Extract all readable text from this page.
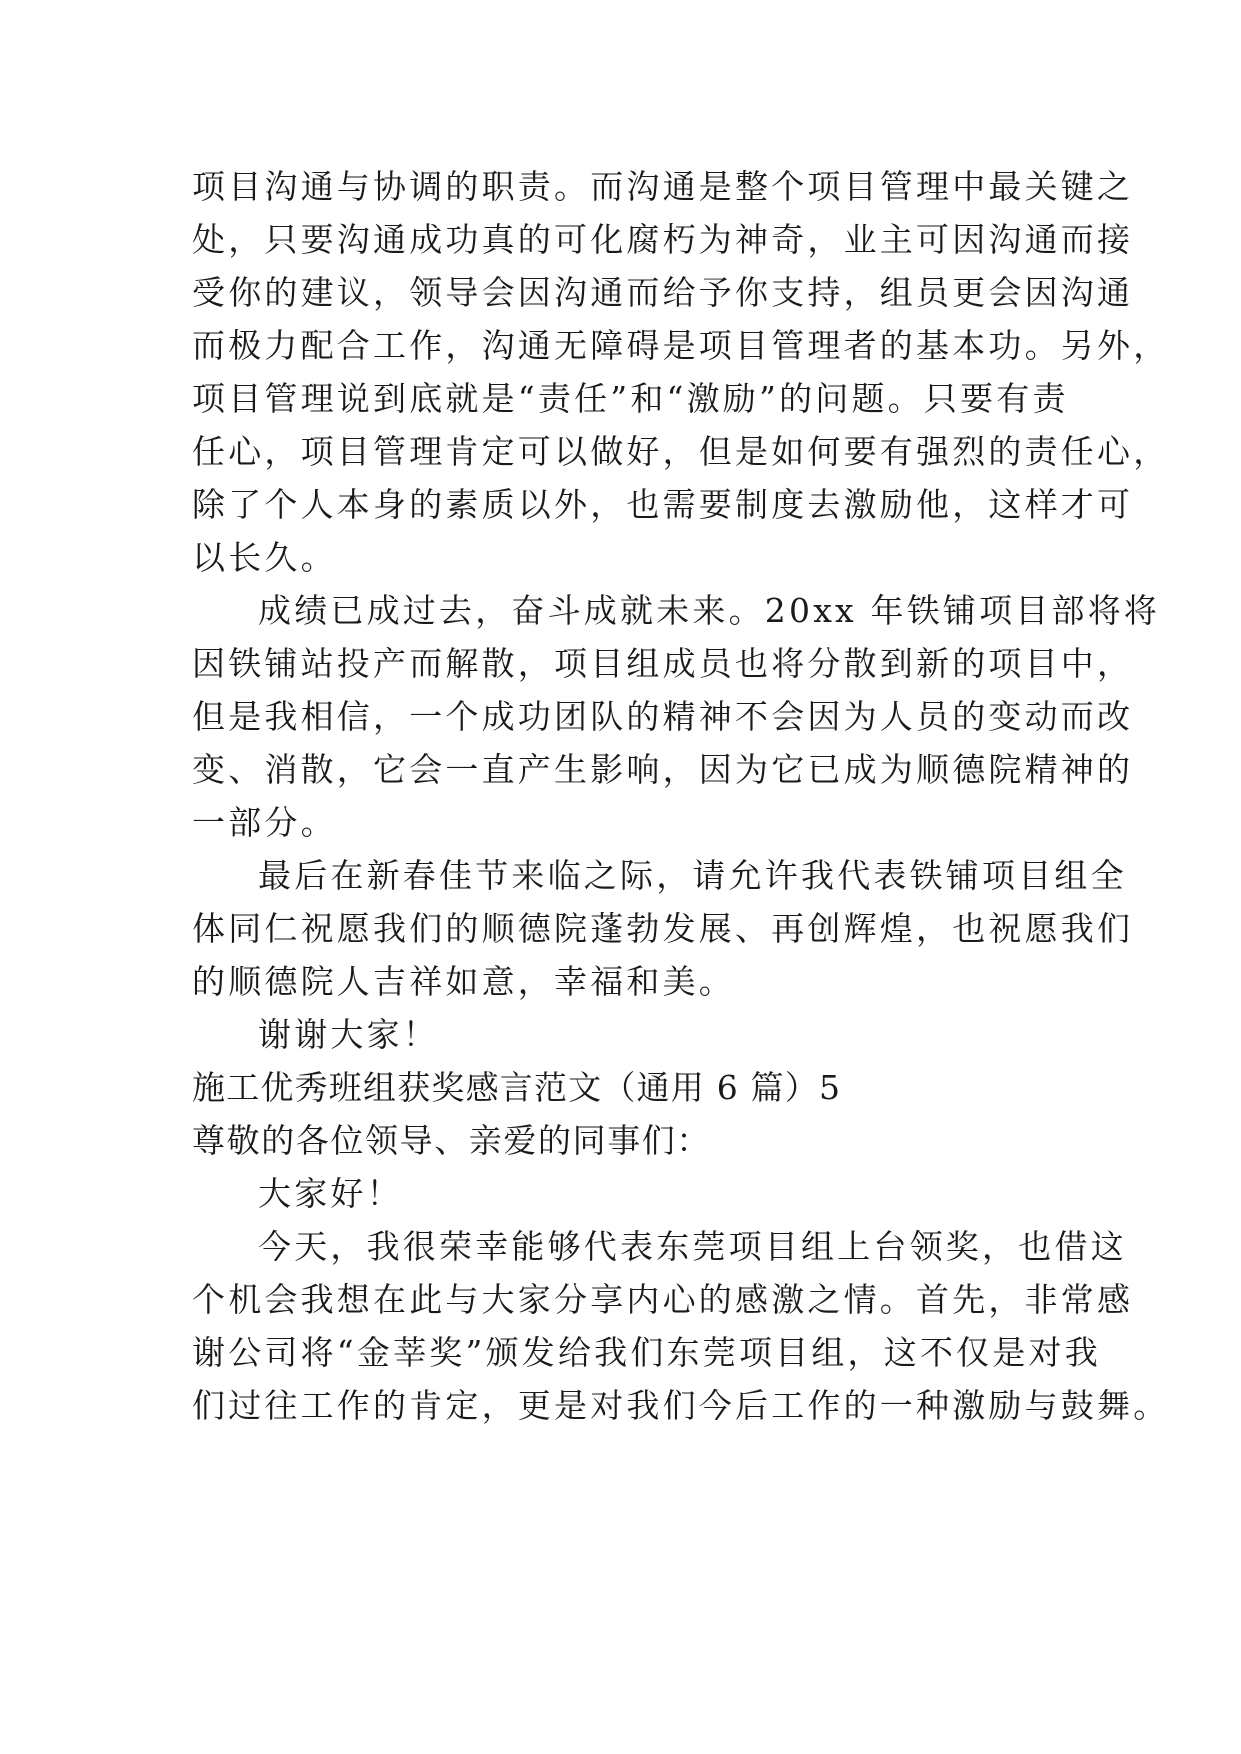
项目沟通与协调的职责。而沟通是整个项目管理中最关键之
处，只要沟通成功真的可化腐朽为神奇，业主可因沟通而接
受你的建议，领导会因沟通而给予你支持，组员更会因沟通
而极力配合工作，沟通无障碍是项目管理者的基本功。另外，
项目管理说到底就是“责任”和“激励”的问题。只要有责
任心，项目管理肯定可以做好，但是如何要有强烈的责任心，
除了个人本身的素质以外，也需要制度去激励他，这样才可
以长久。
成绩已成过去，奋斗成就未来。20xx 年铁铺项目部将将
因铁铺站投产而解散，项目组成员也将分散到新的项目中，
但是我相信，一个成功团队的精神不会因为人员的变动而改
变、消散，它会一直产生影响，因为它已成为顺德院精神的
一部分。
最后在新春佳节来临之际，请允许我代表铁铺项目组全
体同仁祝愿我们的顺德院蓬勃发展、再创辉煌，也祝愿我们
的顺德院人吉祥如意，幸福和美。
谢谢大家！
施工优秀班组获奖感言范文（通用 6 篇）5
尊敬的各位领导、亲爱的同事们：
大家好！
今天，我很荣幸能够代表东莞项目组上台领奖，也借这
个机会我想在此与大家分享内心的感激之情。首先，非常感
谢公司将“金莘奖”颁发给我们东莞项目组，这不仅是对我
们过往工作的肯定，更是对我们今后工作的一种激励与鼓舞。
